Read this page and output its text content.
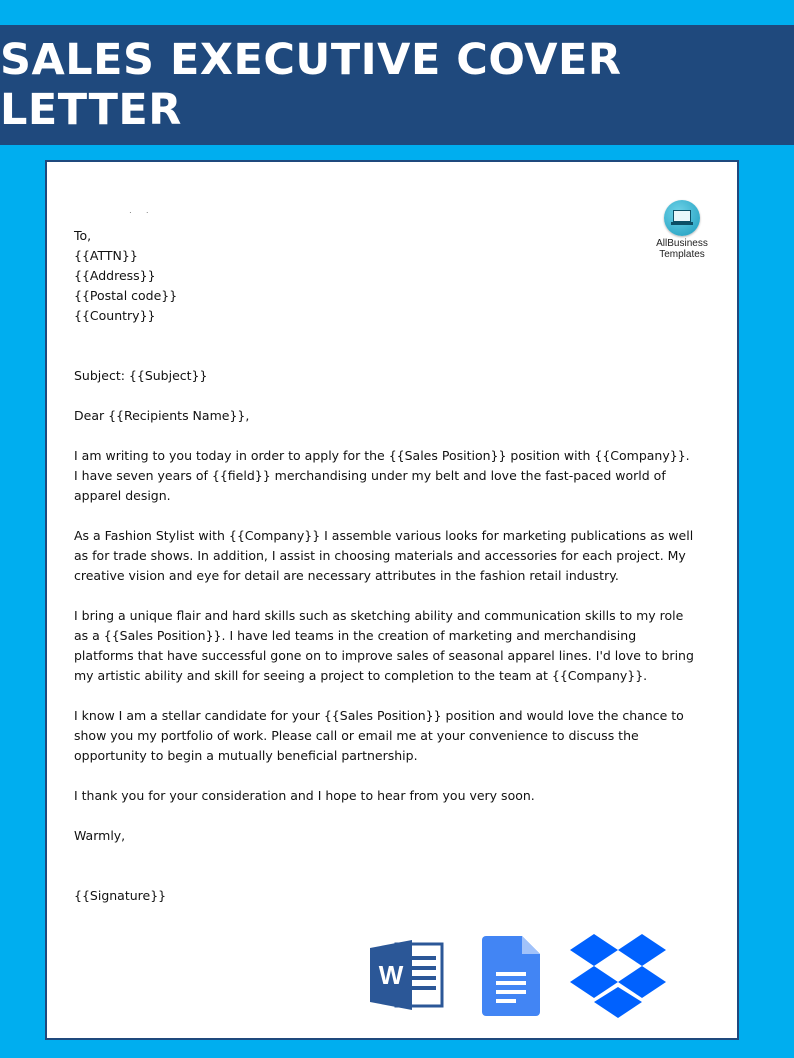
SALES EXECUTIVE COVER LETTER
· ·
AllBusiness
Templates

To,

{{ATTN}}

{{Address}}

{{Postal code}}

{{Country}}

Subject: {{Subject}}

Dear {{Recipients Name}},

I am writing to you today in order to apply for the {{Sales Position}} position with {{Company}}. I have seven years of {{field}} merchandising under my belt and love the fast-paced world of apparel design.

As a Fashion Stylist with {{Company}} I assemble various looks for marketing publications as well as for trade shows. In addition, I assist in choosing materials and accessories for each project. My creative vision and eye for detail are necessary attributes in the fashion retail industry.

I bring a unique flair and hard skills such as sketching ability and communication skills to my role as a {{Sales Position}}. I have led teams in the creation of marketing and merchandising platforms that have successful gone on to improve sales of seasonal apparel lines. I'd love to bring my artistic ability and skill for seeing a project to completion to the team at {{Company}}.

I know I am a stellar candidate for your {{Sales Position}} position and would love the chance to show you my portfolio of work. Please call or email me at your convenience to discuss the opportunity to begin a mutually beneficial partnership.

I thank you for your consideration and I hope to hear from you very soon.

Warmly,

{{Signature}}

W
